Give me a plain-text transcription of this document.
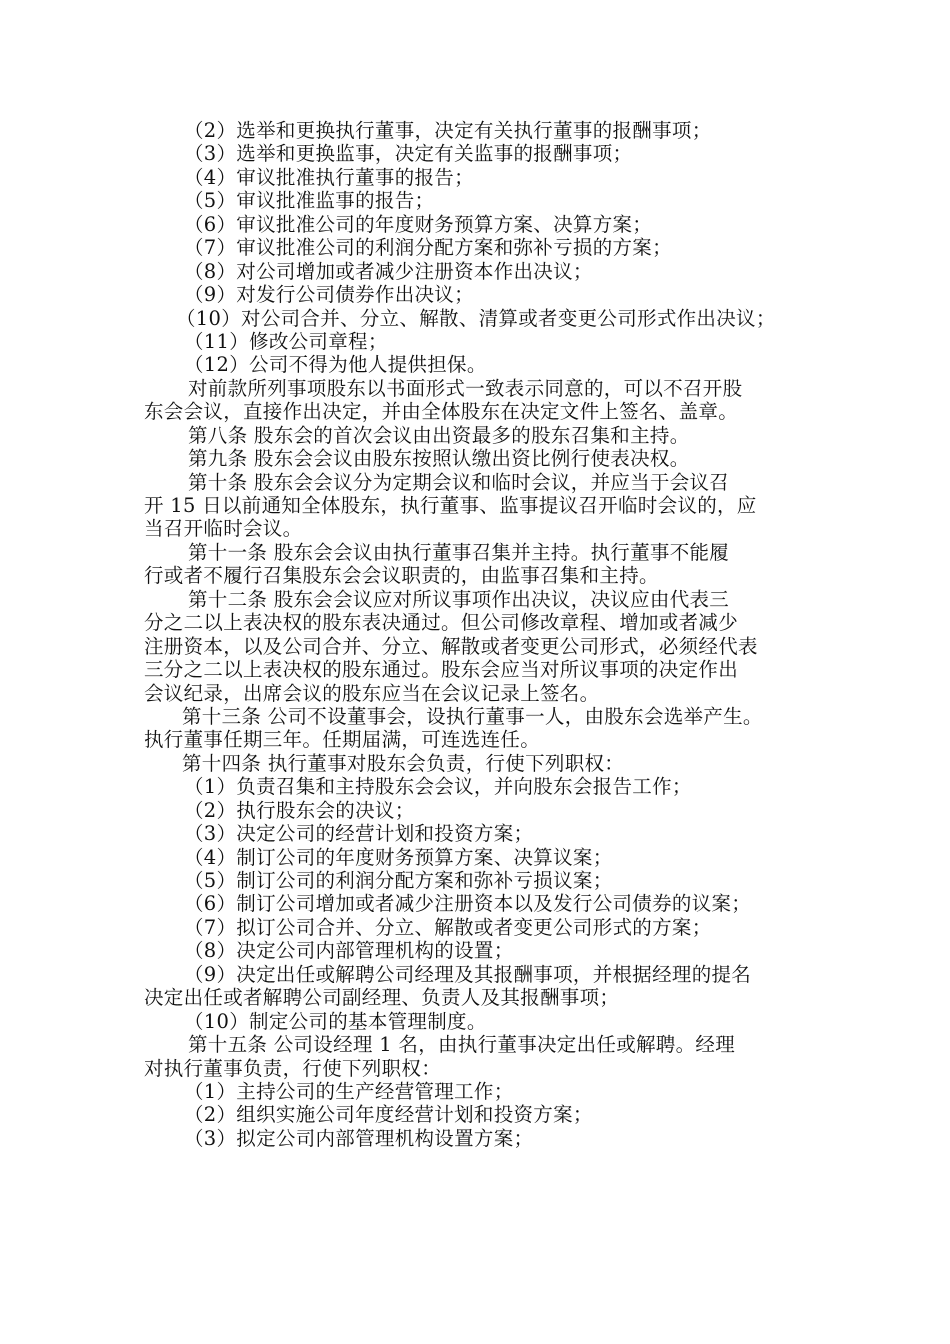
（2）选举和更换执行董事，决定有关执行董事的报酬事项；
（3）选举和更换监事，决定有关监事的报酬事项；
（4）审议批准执行董事的报告；
（5）审议批准监事的报告；
（6）审议批准公司的年度财务预算方案、决算方案；
（7）审议批准公司的利润分配方案和弥补亏损的方案；
（8）对公司增加或者减少注册资本作出决议；
（9）对发行公司债券作出决议；
（10）对公司合并、分立、解散、清算或者变更公司形式作出决议；
（11）修改公司章程；
（12）公司不得为他人提供担保。
对前款所列事项股东以书面形式一致表示同意的，可以不召开股
东会会议，直接作出决定，并由全体股东在决定文件上签名、盖章。
第八条 股东会的首次会议由出资最多的股东召集和主持。
第九条 股东会会议由股东按照认缴出资比例行使表决权。
第十条 股东会会议分为定期会议和临时会议，并应当于会议召
开 15 日以前通知全体股东，执行董事、监事提议召开临时会议的，应
当召开临时会议。
第十一条 股东会会议由执行董事召集并主持。执行董事不能履
行或者不履行召集股东会会议职责的，由监事召集和主持。
第十二条 股东会会议应对所议事项作出决议，决议应由代表三
分之二以上表决权的股东表决通过。但公司修改章程、增加或者减少
注册资本，以及公司合并、分立、解散或者变更公司形式，必须经代表
三分之二以上表决权的股东通过。股东会应当对所议事项的决定作出
会议纪录，出席会议的股东应当在会议记录上签名。
第十三条 公司不设董事会，设执行董事一人，由股东会选举产生。
执行董事任期三年。任期届满，可连选连任。
第十四条 执行董事对股东会负责，行使下列职权：
（1）负责召集和主持股东会会议，并向股东会报告工作；
（2）执行股东会的决议；
（3）决定公司的经营计划和投资方案；
（4）制订公司的年度财务预算方案、决算议案；
（5）制订公司的利润分配方案和弥补亏损议案；
（6）制订公司增加或者减少注册资本以及发行公司债券的议案；
（7）拟订公司合并、分立、解散或者变更公司形式的方案；
（8）决定公司内部管理机构的设置；
（9）决定出任或解聘公司经理及其报酬事项，并根据经理的提名
决定出任或者解聘公司副经理、负责人及其报酬事项；
（10）制定公司的基本管理制度。
第十五条 公司设经理 1 名，由执行董事决定出任或解聘。经理
对执行董事负责，行使下列职权：
（1）主持公司的生产经营管理工作；
（2）组织实施公司年度经营计划和投资方案；
（3）拟定公司内部管理机构设置方案；
